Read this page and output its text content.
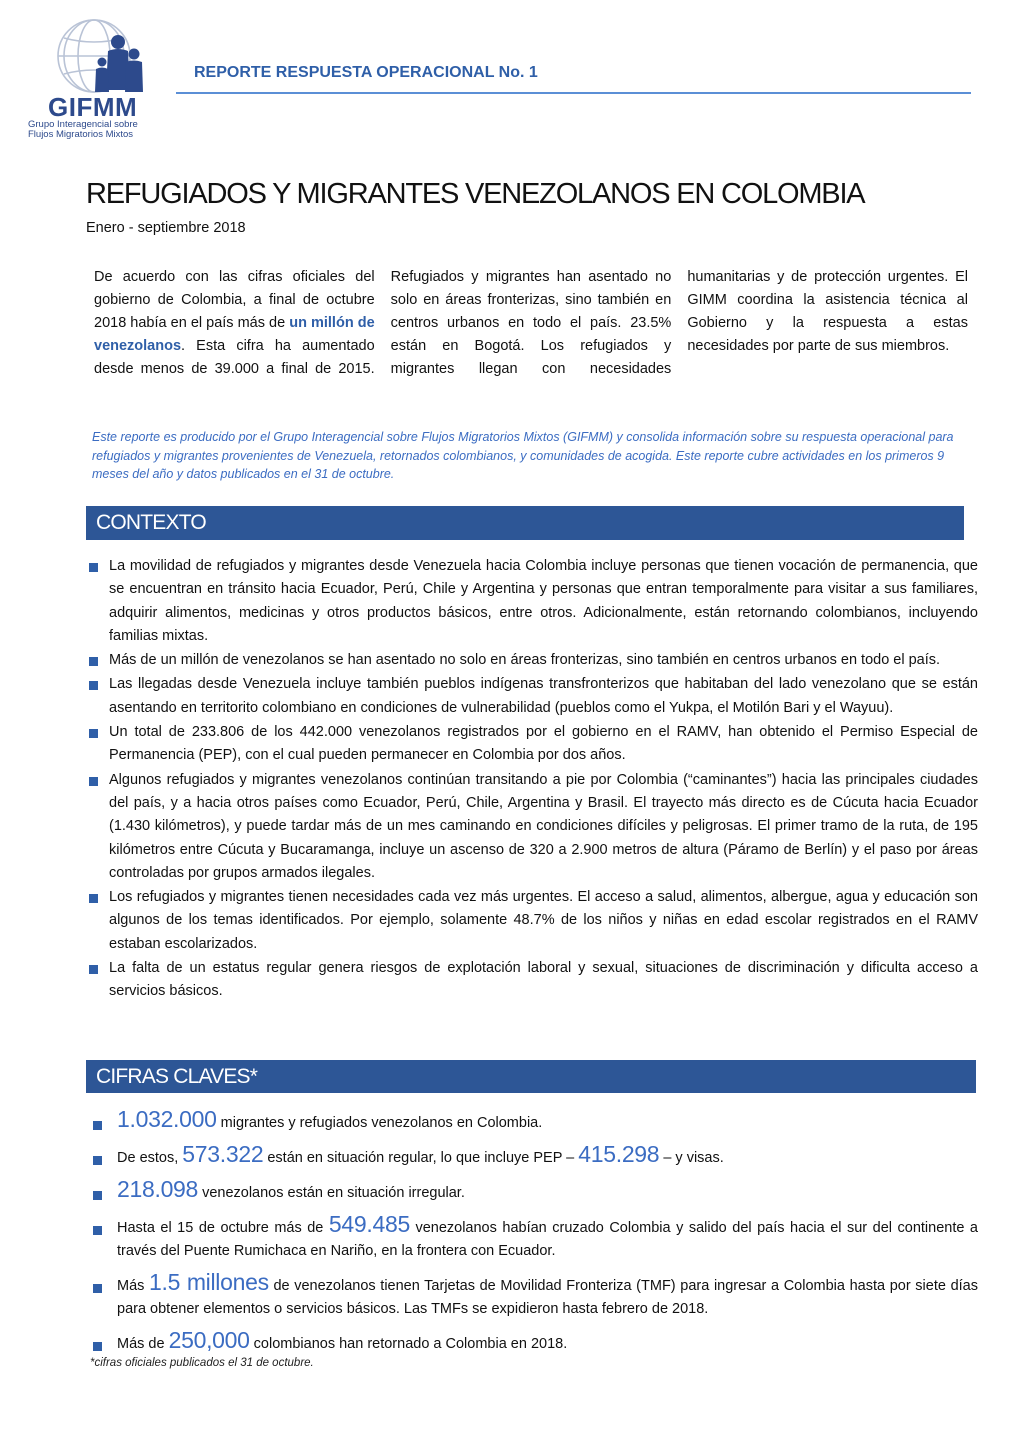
GIFMM
Grupo Interagencial sobre
Flujos Migratorios Mixtos
REPORTE RESPUESTA OPERACIONAL No. 1
REFUGIADOS Y MIGRANTES VENEZOLANOS EN COLOMBIA
Enero - septiembre 2018
De acuerdo con las cifras oficiales del gobierno de Colombia, a final de octubre 2018 había en el país más de un millón de venezolanos. Esta cifra ha aumentado desde menos de 39.000 a final de 2015. Refugiados y migrantes han asentado no solo en áreas fronterizas, sino también en centros urbanos en todo el país. 23.5% están en Bogotá. Los refugiados y migrantes llegan con necesidades humanitarias y de protección urgentes. El GIMM coordina la asistencia técnica al Gobierno y la respuesta a estas necesidades por parte de sus miembros.
Este reporte es producido por el Grupo Interagencial sobre Flujos Migratorios Mixtos (GIFMM) y consolida información sobre su respuesta operacional para refugiados y migrantes provenientes de Venezuela, retornados colombianos, y comunidades de acogida. Este reporte cubre actividades en los primeros 9 meses del año y datos publicados en el 31 de octubre.
CONTEXTO
La movilidad de refugiados y migrantes desde Venezuela hacia Colombia incluye personas que tienen vocación de permanencia, que se encuentran en tránsito hacia Ecuador, Perú, Chile y Argentina y personas que entran temporalmente para visitar a sus familiares, adquirir alimentos, medicinas y otros productos básicos, entre otros. Adicionalmente, están retornando colombianos, incluyendo familias mixtas.
Más de un millón de venezolanos se han asentado no solo en áreas fronterizas, sino también en centros urbanos en todo el país.
Las llegadas desde Venezuela incluye también pueblos indígenas transfronterizos que habitaban del lado venezolano que se están asentando en territorito colombiano en condiciones de vulnerabilidad (pueblos como el Yukpa, el Motilón Bari y el Wayuu).
Un total de 233.806 de los 442.000 venezolanos registrados por el gobierno en el RAMV, han obtenido el Permiso Especial de Permanencia (PEP), con el cual pueden permanecer en Colombia por dos años.
Algunos refugiados y migrantes venezolanos continúan transitando a pie por Colombia (“caminantes”) hacia las principales ciudades del país, y a hacia otros países como Ecuador, Perú, Chile, Argentina y Brasil. El trayecto más directo es de Cúcuta hacia Ecuador (1.430 kilómetros), y puede tardar más de un mes caminando en condiciones difíciles y peligrosas. El primer tramo de la ruta, de 195 kilómetros entre Cúcuta y Bucaramanga, incluye un ascenso de 320 a 2.900 metros de altura (Páramo de Berlín) y el paso por áreas controladas por grupos armados ilegales.
Los refugiados y migrantes tienen necesidades cada vez más urgentes. El acceso a salud, alimentos, albergue, agua y educación son algunos de los temas identificados. Por ejemplo, solamente 48.7% de los niños y niñas en edad escolar registrados en el RAMV estaban escolarizados.
La falta de un estatus regular genera riesgos de explotación laboral y sexual, situaciones de discriminación y dificulta acceso a servicios básicos.
CIFRAS CLAVES*
1.032.000 migrantes y refugiados venezolanos en Colombia.
De estos, 573.322 están en situación regular, lo que incluye PEP – 415.298 – y visas.
218.098 venezolanos están en situación irregular.
Hasta el 15 de octubre más de 549.485 venezolanos habían cruzado Colombia y salido del país hacia el sur del continente a través del Puente Rumichaca en Nariño, en la frontera con Ecuador.
Más 1.5 millones de venezolanos tienen Tarjetas de Movilidad Fronteriza (TMF) para ingresar a Colombia hasta por siete días para obtener elementos o servicios básicos. Las TMFs se expidieron hasta febrero de 2018.
Más de 250,000 colombianos han retornado a Colombia en 2018.
*cifras oficiales publicados el 31 de octubre.
